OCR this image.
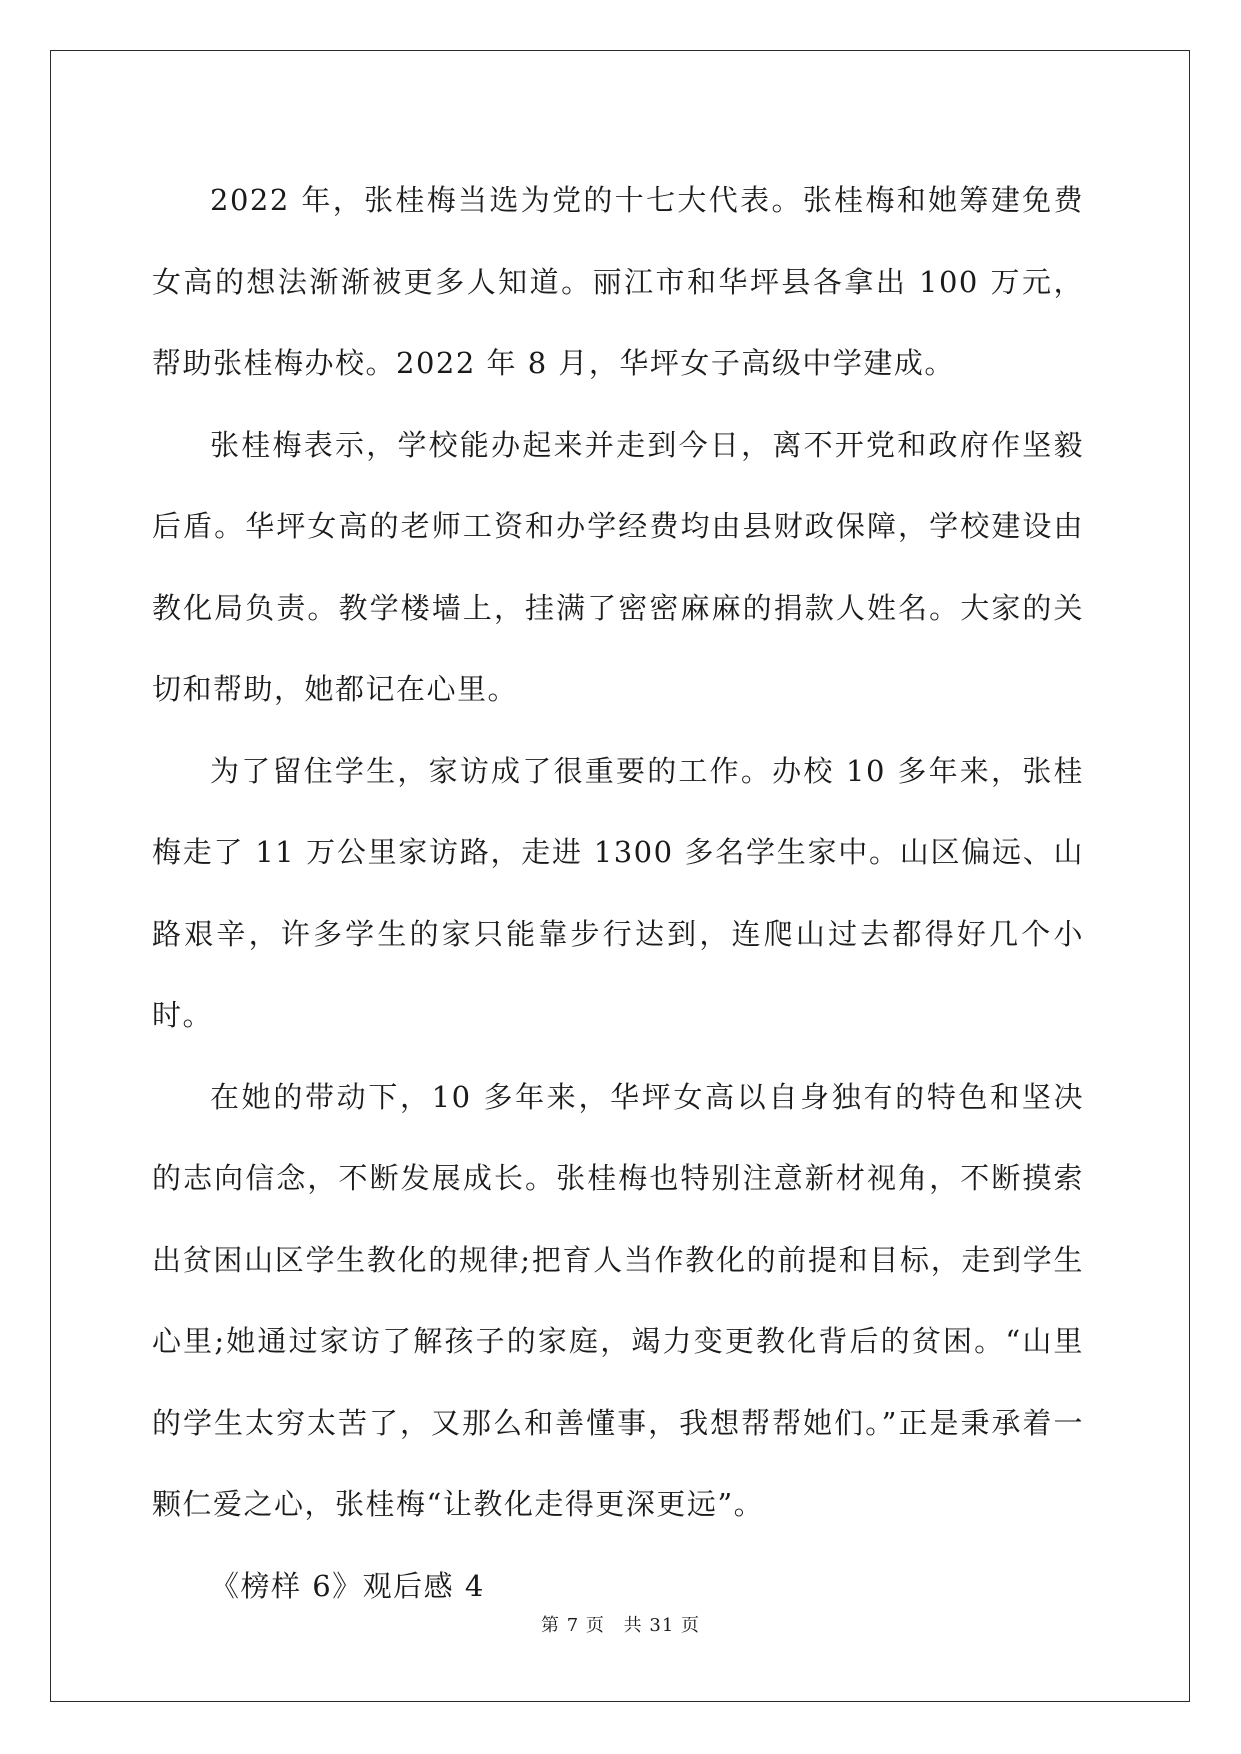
2022 年，张桂梅当选为党的十七大代表。张桂梅和她筹建免费女高的想法渐渐被更多人知道。丽江市和华坪县各拿出 100 万元，帮助张桂梅办校。2022 年 8 月，华坪女子高级中学建成。

张桂梅表示，学校能办起来并走到今日，离不开党和政府作坚毅后盾。华坪女高的老师工资和办学经费均由县财政保障，学校建设由教化局负责。教学楼墙上，挂满了密密麻麻的捐款人姓名。大家的关切和帮助，她都记在心里。

为了留住学生，家访成了很重要的工作。办校 10 多年来，张桂梅走了 11 万公里家访路，走进 1300 多名学生家中。山区偏远、山路艰辛，许多学生的家只能靠步行达到，连爬山过去都得好几个小时。

在她的带动下，10 多年来，华坪女高以自身独有的特色和坚决的志向信念，不断发展成长。张桂梅也特别注意新材视角，不断摸索出贫困山区学生教化的规律;把育人当作教化的前提和目标，走到学生心里;她通过家访了解孩子的家庭，竭力变更教化背后的贫困。“山里的学生太穷太苦了，又那么和善懂事，我想帮帮她们。”正是秉承着一颗仁爱之心，张桂梅“让教化走得更深更远”。

《榜样 6》观后感 4

第 7 页 共 31 页
